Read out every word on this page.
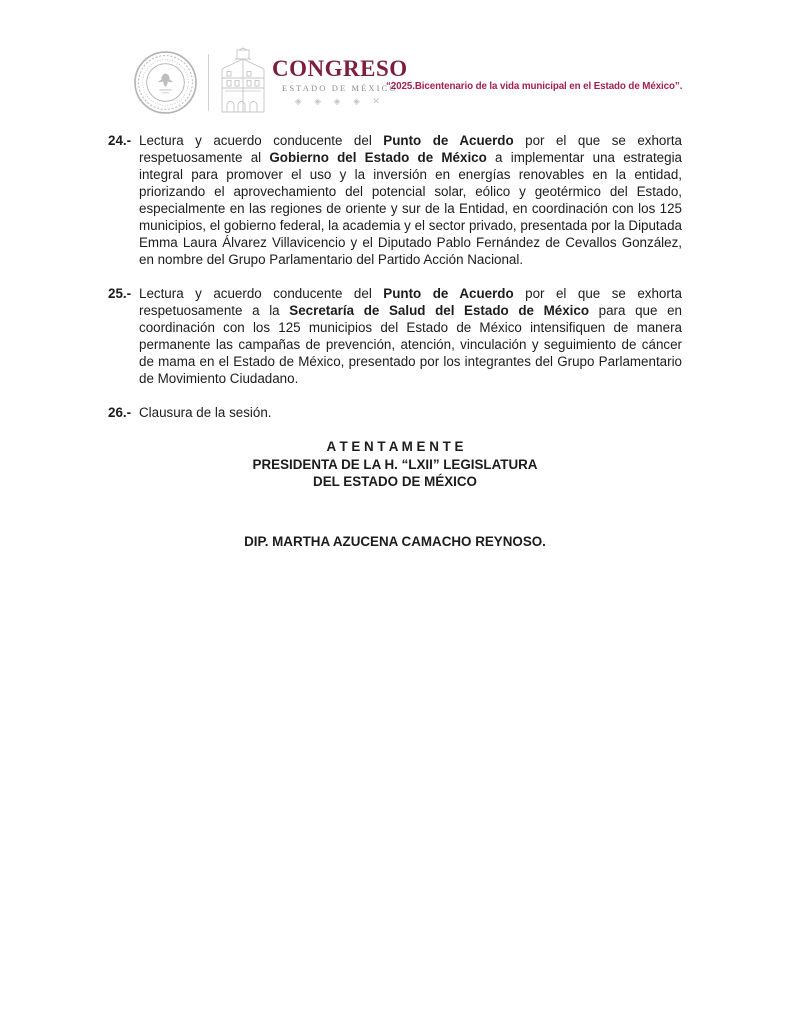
CONGRESO
ESTADO DE MÉXICO
◈ ◈ ◈ ◈ ✕
“2025.Bicentenario de la vida municipal en el Estado de México”.
24.- Lectura y acuerdo conducente del Punto de Acuerdo por el que se exhorta respetuosamente al Gobierno del Estado de México a implementar una estrategia integral para promover el uso y la inversión en energías renovables en la entidad, priorizando el aprovechamiento del potencial solar, eólico y geotérmico del Estado, especialmente en las regiones de oriente y sur de la Entidad, en coordinación con los 125 municipios, el gobierno federal, la academia y el sector privado, presentada por la Diputada Emma Laura Álvarez Villavicencio y el Diputado Pablo Fernández de Cevallos González, en nombre del Grupo Parlamentario del Partido Acción Nacional.
25.- Lectura y acuerdo conducente del Punto de Acuerdo por el que se exhorta respetuosamente a la Secretaría de Salud del Estado de México para que en coordinación con los 125 municipios del Estado de México intensifiquen de manera permanente las campañas de prevención, atención, vinculación y seguimiento de cáncer de mama en el Estado de México, presentado por los integrantes del Grupo Parlamentario de Movimiento Ciudadano.
26.- Clausura de la sesión.
A T E N T A M E N T E
PRESIDENTA DE LA H. “LXII” LEGISLATURA
DEL ESTADO DE MÉXICO
DIP. MARTHA AZUCENA CAMACHO REYNOSO.
